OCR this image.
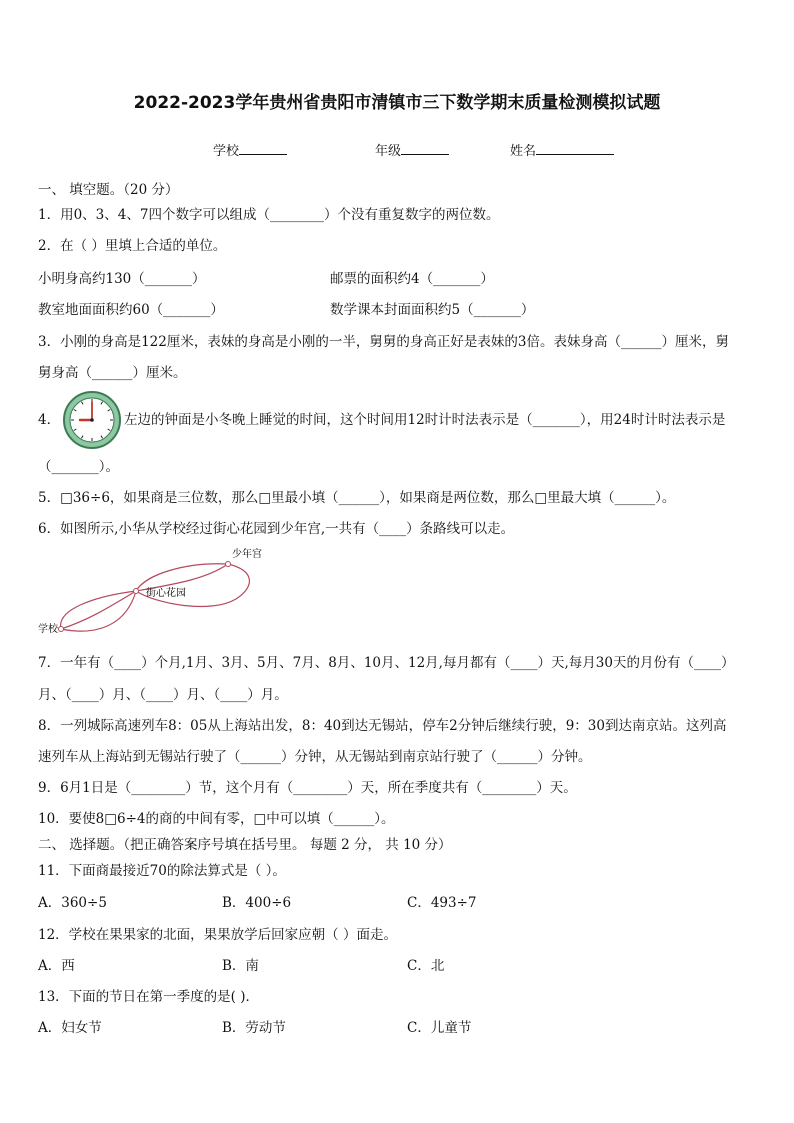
2022-2023学年贵州省贵阳市清镇市三下数学期末质量检测模拟试题
学校	年级	姓名
一、 填空题。（20 分）
1．用0、3、4、7四个数字可以组成（________）个没有重复数字的两位数。
2．在（ ）里填上合适的单位。
小明身高约130（_______）	邮票的面积约4（_______）
教室地面面积约60（_______）	数学课本封面面积约5（_______）
3．小刚的身高是122厘米，表妹的身高是小刚的一半，舅舅的身高正好是表妹的3倍。表妹身高（______）厘米，舅
舅身高（______）厘米。
4．	左边的钟面是小冬晚上睡觉的时间，这个时间用12时计时法表示是（_______），用24时计时法表示是
（_______）。
5．□36÷6，如果商是三位数，那么□里最小填（______），如果商是两位数，那么□里最大填（______）。
6．如图所示,小华从学校经过街心花园到少年宫,一共有（____）条路线可以走。
学校
街心花园
少年宫
7．一年有（____）个月,1月、3月、5月、7月、8月、10月、12月,每月都有（____）天,每月30天的月份有（____）
月、（____）月、（____）月、（____）月。
8．一列城际高速列车8：05从上海站出发，8：40到达无锡站，停车2分钟后继续行驶，9：30到达南京站。这列高
速列车从上海站到无锡站行驶了（______）分钟，从无锡站到南京站行驶了（______）分钟。
9．6月1日是（________）节，这个月有（________）天，所在季度共有（________）天。
10．要使8□6÷4的商的中间有零，□中可以填（______）。
二、 选择题。（把正确答案序号填在括号里。 每题 2 分， 共 10 分）
11．下面商最接近70的除法算式是（ ）。
A．360÷5	B．400÷6	C．493÷7
12．学校在果果家的北面，果果放学后回家应朝（ ）面走。
A．西	B．南	C．北
13．下面的节日在第一季度的是( )．
A．妇女节	B．劳动节	C．儿童节
